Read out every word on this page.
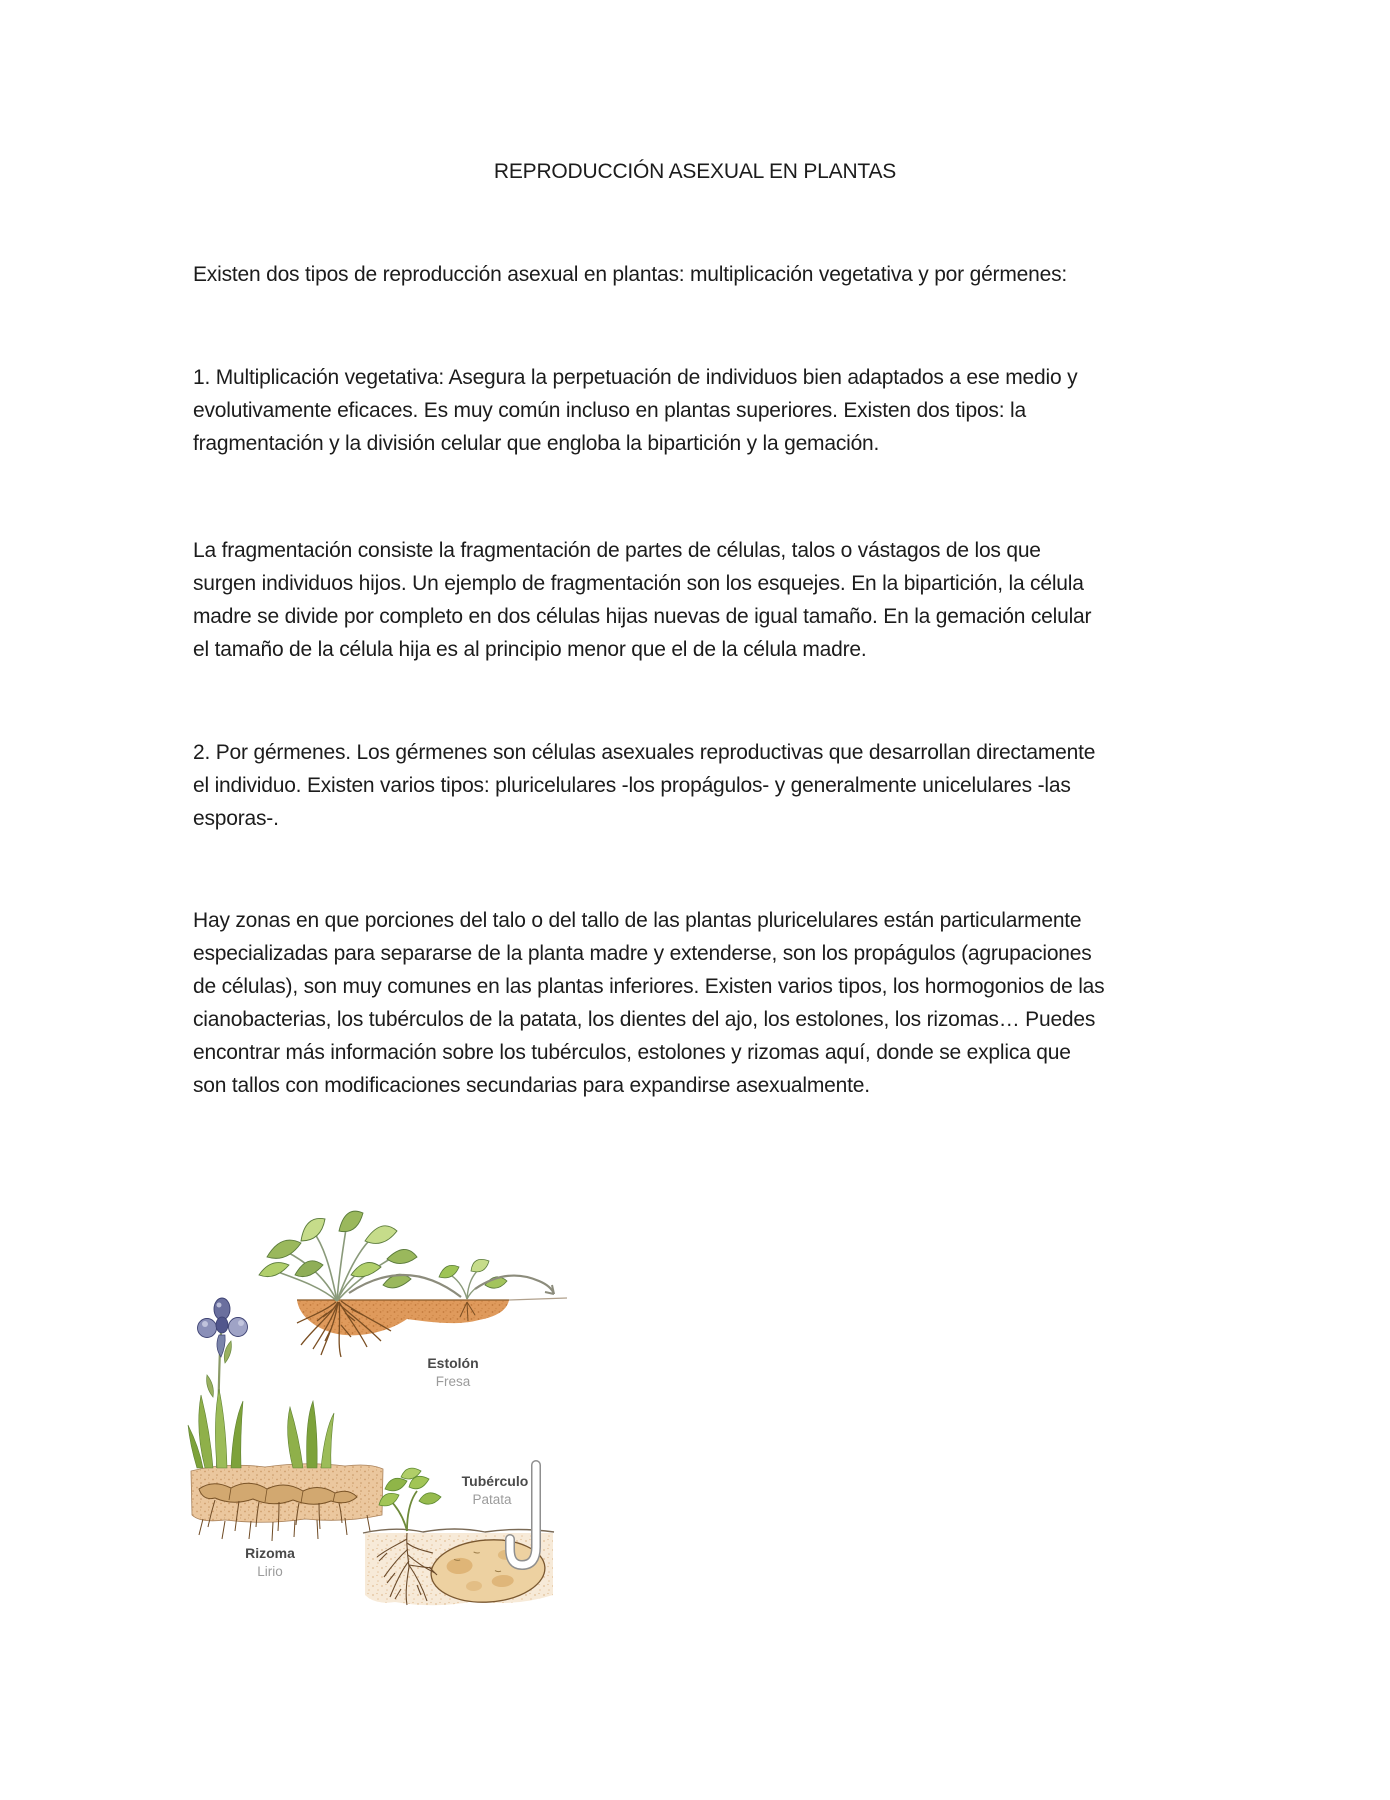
REPRODUCCIÓN ASEXUAL EN PLANTAS
Existen dos tipos de reproducción asexual en plantas: multiplicación vegetativa y por gérmenes:
1. Multiplicación vegetativa: Asegura la perpetuación de individuos bien adaptados a ese medio y
evolutivamente eficaces. Es muy común incluso en plantas superiores. Existen dos tipos: la
fragmentación y la división celular que engloba la bipartición y la gemación.
La fragmentación consiste la fragmentación de partes de células, talos o vástagos de los que
surgen individuos hijos. Un ejemplo de fragmentación son los esquejes. En la bipartición, la célula
madre se divide por completo en dos células hijas nuevas de igual tamaño. En la gemación celular
el tamaño de la célula hija es al principio menor que el de la célula madre.
2. Por gérmenes. Los gérmenes son células asexuales reproductivas que desarrollan directamente
el individuo. Existen varios tipos: pluricelulares -los propágulos- y generalmente unicelulares -las
esporas-.
Hay zonas en que porciones del talo o del tallo de las plantas pluricelulares están particularmente
especializadas para separarse de la planta madre y extenderse, son los propágulos (agrupaciones
de células), son muy comunes en las plantas inferiores. Existen varios tipos, los hormogonios de las
cianobacterias, los tubérculos de la patata, los dientes del ajo, los estolones, los rizomas… Puedes
encontrar más información sobre los tubérculos, estolones y rizomas aquí, donde se explica que
son tallos con modificaciones secundarias para expandirse asexualmente.
Estolón
Fresa
Rizoma
Lirio
Tubérculo
Patata
